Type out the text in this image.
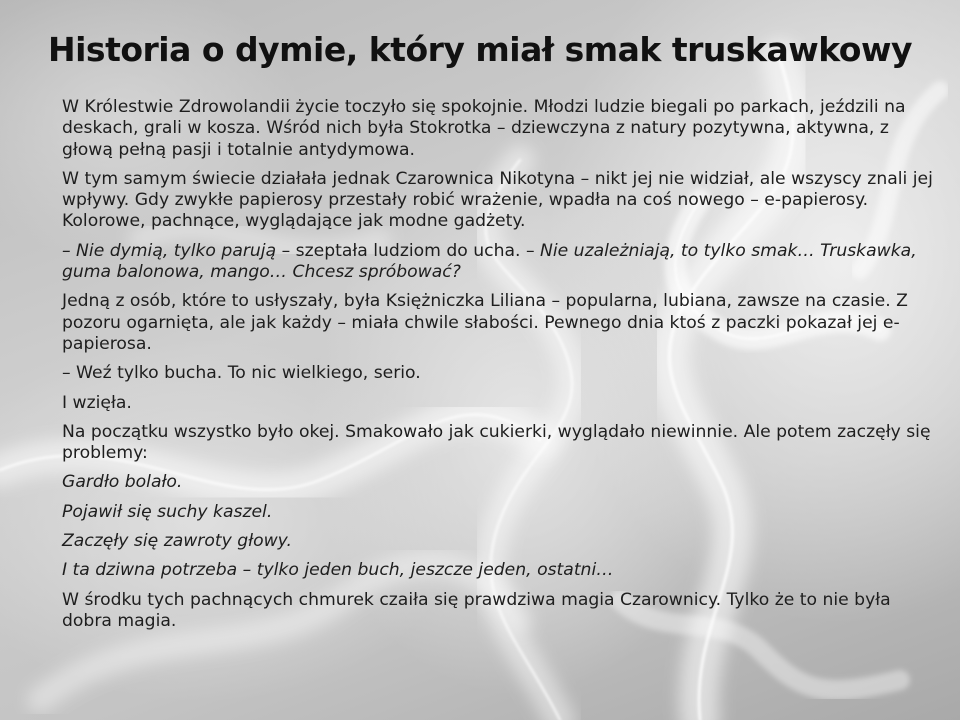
Historia o dymie, który miał smak truskawkowy

W Królestwie Zdrowolandii życie toczyło się spokojnie. Młodzi ludzie biegali po parkach, jeździli na deskach, grali w kosza. Wśród nich była Stokrotka – dziewczyna z natury pozytywna, aktywna, z głową pełną pasji i totalnie antydymowa.

W tym samym świecie działała jednak Czarownica Nikotyna – nikt jej nie widział, ale wszyscy znali jej wpływy. Gdy zwykłe papierosy przestały robić wrażenie, wpadła na coś nowego – e-papierosy. Kolorowe, pachnące, wyglądające jak modne gadżety.

– Nie dymią, tylko parują – szeptała ludziom do ucha. – Nie uzależniają, to tylko smak… Truskawka, guma balonowa, mango… Chcesz spróbować?

Jedną z osób, które to usłyszały, była Księżniczka Liliana – popularna, lubiana, zawsze na czasie. Z pozoru ogarnięta, ale jak każdy – miała chwile słabości. Pewnego dnia ktoś z paczki pokazał jej e-papierosa.

– Weź tylko bucha. To nic wielkiego, serio.

I wzięła.

Na początku wszystko było okej. Smakowało jak cukierki, wyglądało niewinnie. Ale potem zaczęły się problemy:

Gardło bolało.

Pojawił się suchy kaszel.

Zaczęły się zawroty głowy.

I ta dziwna potrzeba – tylko jeden buch, jeszcze jeden, ostatni…

W środku tych pachnących chmurek czaiła się prawdziwa magia Czarownicy. Tylko że to nie była dobra magia.
